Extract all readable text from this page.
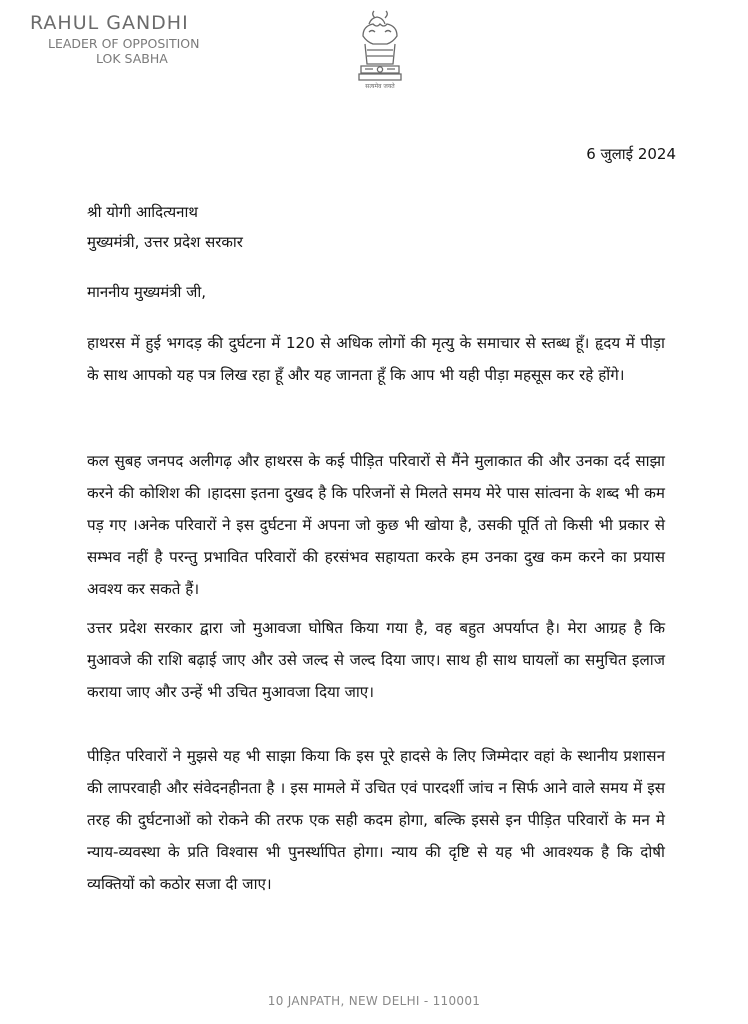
RAHUL GANDHI
LEADER OF OPPOSITION
LOK SABHA
सत्यमेव जयते
6 जुलाई 2024
श्री योगी आदित्यनाथ
मुख्यमंत्री, उत्तर प्रदेश सरकार
माननीय मुख्यमंत्री जी,

हाथरस में हुई भगदड़ की दुर्घटना में 120 से अधिक लोगों की मृत्यु के समाचार से स्तब्ध हूँ। हृदय में पीड़ा के साथ आपको यह पत्र लिख रहा हूँ और यह जानता हूँ कि आप भी यही पीड़ा महसूस कर रहे होंगे।

कल सुबह जनपद अलीगढ़ और हाथरस के कई पीड़ित परिवारों से मैंने मुलाकात की और उनका दर्द साझा करने की कोशिश की ।हादसा इतना दुखद है कि परिजनों से मिलते समय मेरे पास सांत्वना के शब्द भी कम पड़ गए ।अनेक परिवारों ने इस दुर्घटना में अपना जो कुछ भी खोया है, उसकी पूर्ति तो किसी भी प्रकार से सम्भव नहीं है परन्तु प्रभावित परिवारों की हरसंभव सहायता करके हम उनका दुख कम करने का प्रयास अवश्य कर सकते हैं।

उत्तर प्रदेश सरकार द्वारा जो मुआवजा घोषित किया गया है, वह बहुत अपर्याप्त है। मेरा आग्रह है कि मुआवजे की राशि बढ़ाई जाए और उसे जल्द से जल्द दिया जाए। साथ ही साथ घायलों का समुचित इलाज कराया जाए और उन्हें भी उचित मुआवजा दिया जाए।

पीड़ित परिवारों ने मुझसे यह भी साझा किया कि इस पूरे हादसे के लिए जिम्मेदार वहां के स्थानीय प्रशासन की लापरवाही और संवेदनहीनता है । इस मामले में उचित एवं पारदर्शी जांच न सिर्फ आने वाले समय में इस तरह की दुर्घटनाओं को रोकने की तरफ एक सही कदम होगा, बल्कि इससे इन पीड़ित परिवारों के मन मे न्याय-व्यवस्था के प्रति विश्वास भी पुनर्स्थापित होगा। न्याय की दृष्टि से यह भी आवश्यक है कि दोषी व्यक्तियों को कठोर सजा दी जाए।

10 JANPATH, NEW DELHI - 110001
